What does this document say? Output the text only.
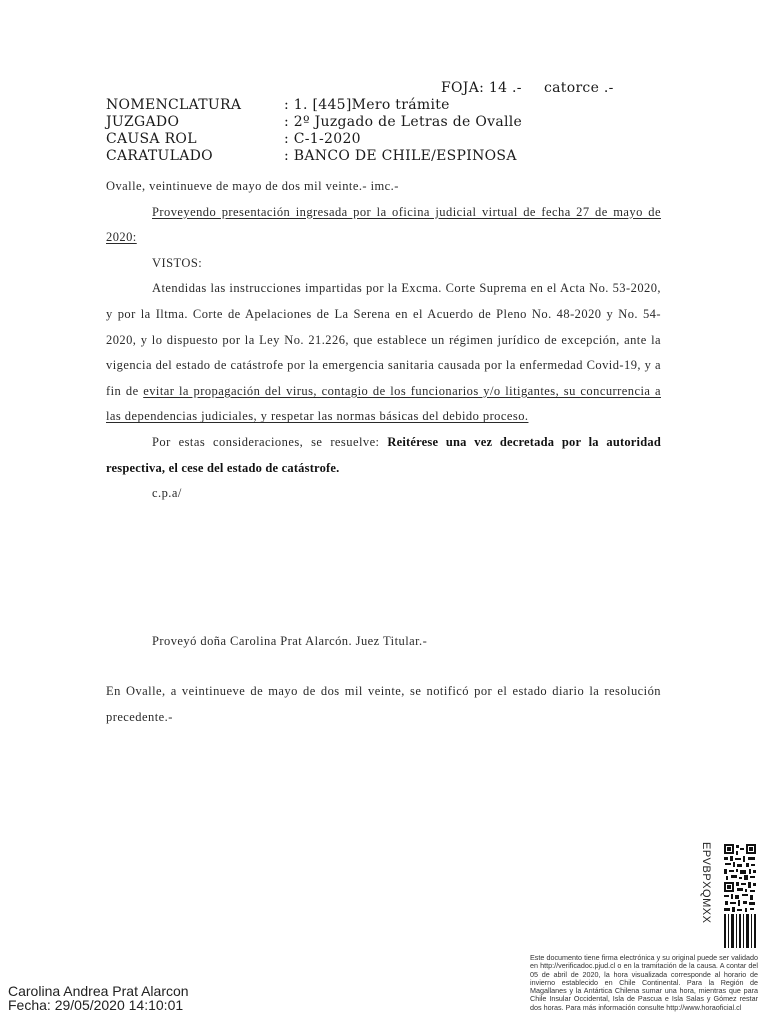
FOJA: 14 .- catorce .-
NOMENCLATURA	: 1. [445]Mero trámite
JUZGADO	: 2º Juzgado de Letras de Ovalle
CAUSA ROL	: C-1-2020
CARATULADO	: BANCO DE CHILE/ESPINOSA

Ovalle, veintinueve de mayo de dos mil veinte.- imc.-

Proveyendo presentación ingresada por la oficina judicial virtual de fecha 27 de mayo de 2020:

VISTOS:

Atendidas las instrucciones impartidas por la Excma. Corte Suprema en el Acta No. 53-2020, y por la Iltma. Corte de Apelaciones de La Serena en el Acuerdo de Pleno No. 48-2020 y No. 54-2020, y lo dispuesto por la Ley No. 21.226, que establece un régimen jurídico de excepción, ante la vigencia del estado de catástrofe por la emergencia sanitaria causada por la enfermedad Covid-19, y a fin de evitar la propagación del virus, contagio de los funcionarios y/o litigantes, su concurrencia a las dependencias judiciales, y respetar las normas básicas del debido proceso.

Por estas consideraciones, se resuelve: Reitérese una vez decretada por la autoridad respectiva, el cese del estado de catástrofe.

c.p.a/

Proveyó doña Carolina Prat Alarcón. Juez Titular.-

En Ovalle, a veintinueve de mayo de dos mil veinte, se notificó por el estado diario la resolución precedente.-

EPVBPXQMXX
Este documento tiene firma electrónica y su original puede ser validado en http://verificadoc.pjud.cl o en la tramitación de la causa. A contar del 05 de abril de 2020, la hora visualizada corresponde al horario de invierno establecido en Chile Continental. Para la Región de Magallanes y la Antártica Chilena sumar una hora, mientras que para Chile Insular Occidental, Isla de Pascua e Isla Salas y Gómez restar dos horas. Para más información consulte http://www.horaoficial.cl
Carolina Andrea Prat Alarcon
Fecha: 29/05/2020 14:10:01
